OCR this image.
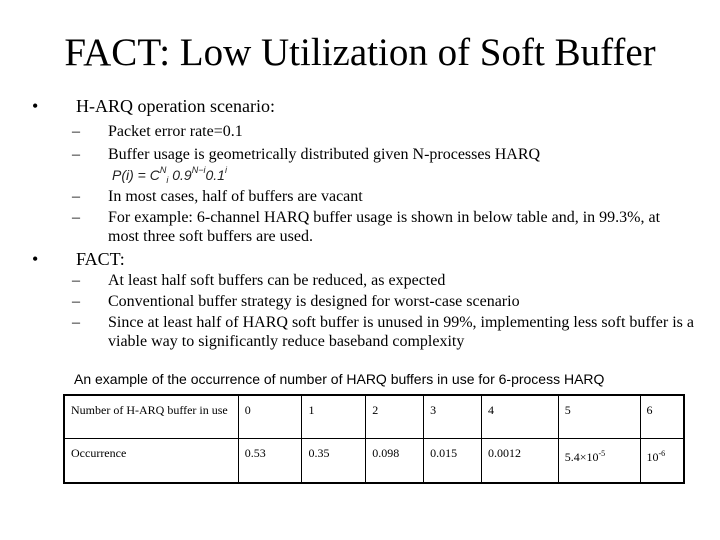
FACT: Low Utilization of Soft Buffer
• H-ARQ operation scenario:
– Packet error rate=0.1
– Buffer usage is geometrically distributed given N-processes HARQ
$P(i) = C^N_i$ $0.9^{N-i}0.1^i$
– In most cases, half of buffers are vacant
– For example: 6-channel HARQ buffer usage is shown in below table and, in 99.3%, at most three soft buffers are used.
• FACT:
– At least half soft buffers can be reduced, as expected
– Conventional buffer strategy is designed for worst-case scenario
– Since at least half of HARQ soft buffer is unused in 99%, implementing less soft buffer is a viable way to significantly reduce baseband complexity
An example of the occurrence of number of HARQ buffers in use for 6-process HARQ
Number of H-ARQ buffer in use	0	1	2	3	4	5	6
Occurrence	0.53	0.35	0.098	0.015	0.0012	$5.4\times 10^{-5}$	$10^{-6}$
